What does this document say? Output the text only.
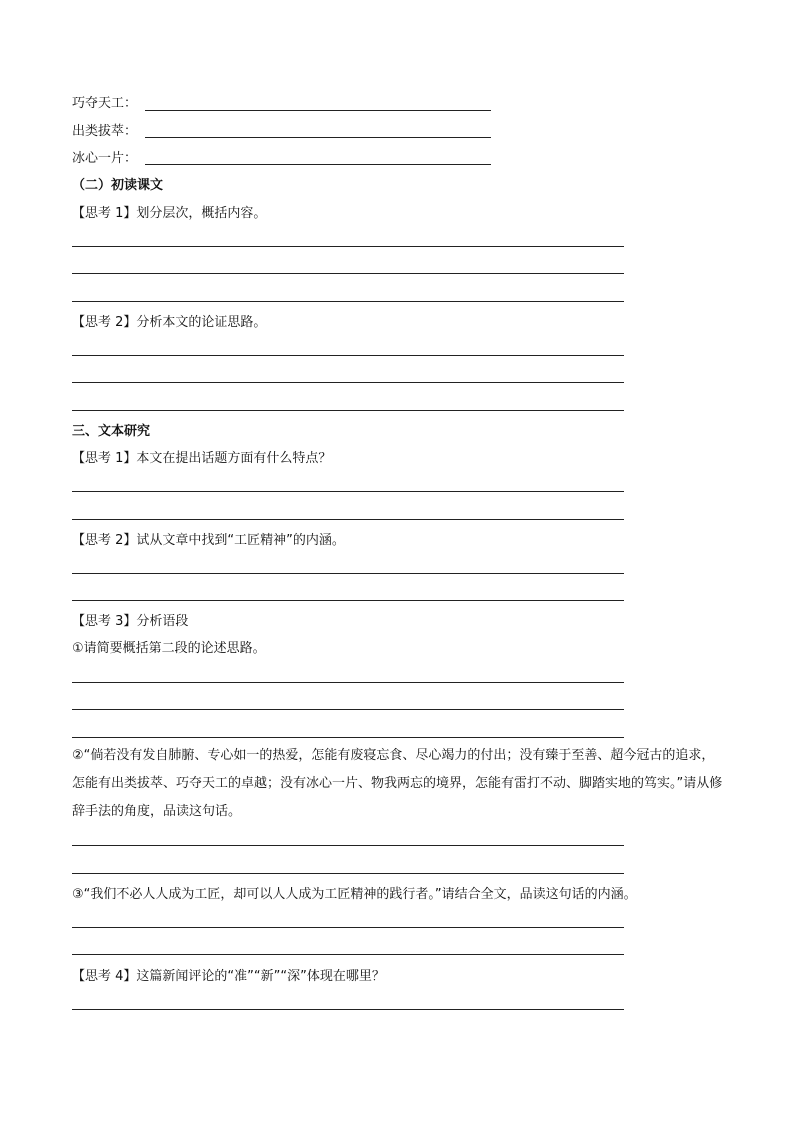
巧夺天工：
出类拔萃：
冰心一片：
（二）初读课文
【思考 1】划分层次，概括内容。
【思考 2】分析本文的论证思路。
三、文本研究
【思考 1】本文在提出话题方面有什么特点？
【思考 2】试从文章中找到“工匠精神”的内涵。
【思考 3】分析语段
①请简要概括第二段的论述思路。
②“倘若没有发自肺腑、专心如一的热爱，怎能有废寝忘食、尽心竭力的付出；没有臻于至善、超今冠古的追求，怎能有出类拔萃、巧夺天工的卓越；没有冰心一片、物我两忘的境界，怎能有雷打不动、脚踏实地的笃实。”请从修辞手法的角度，品读这句话。
③“我们不必人人成为工匠，却可以人人成为工匠精神的践行者。”请结合全文，品读这句话的内涵。
【思考 4】这篇新闻评论的“准”“新”“深”体现在哪里？
